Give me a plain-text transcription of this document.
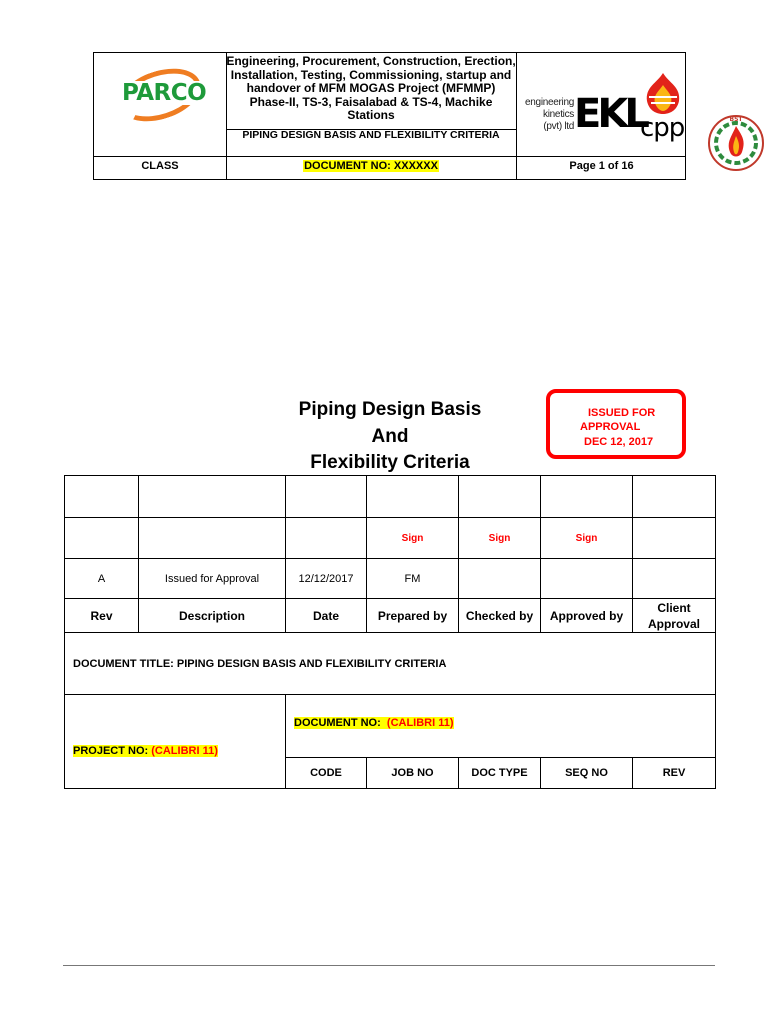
PARCO
Engineering, Procurement, Construction, Erection, Installation, Testing, Commissioning, startup and handover of MFM MOGAS Project (MFMMP) Phase-II, TS-3, Faisalabad & TS-4, Machike Stations
PIPING DESIGN BASIS AND FLEXIBILITY CRITERIA
engineering
kinetics
(pvt) ltd EKL
cpp
CLASS	DOCUMENT NO: XXXXXX	Page 1 of 16
BST
Piping Design Basis
And
Flexibility Criteria
ISSUED FOR
APPROVAL
DEC 12, 2017

			Sign	Sign	Sign	
A	Issued for Approval	12/12/2017	FM			
Rev	Description	Date	Prepared by	Checked by	Approved by	Client Approval
DOCUMENT TITLE: PIPING DESIGN BASIS AND FLEXIBILITY CRITERIA						
PROJECT NO: (CALIBRI 11)		DOCUMENT NO: (CALIBRI 11)				
		CODE	JOB NO	DOC TYPE	SEQ NO	REV
